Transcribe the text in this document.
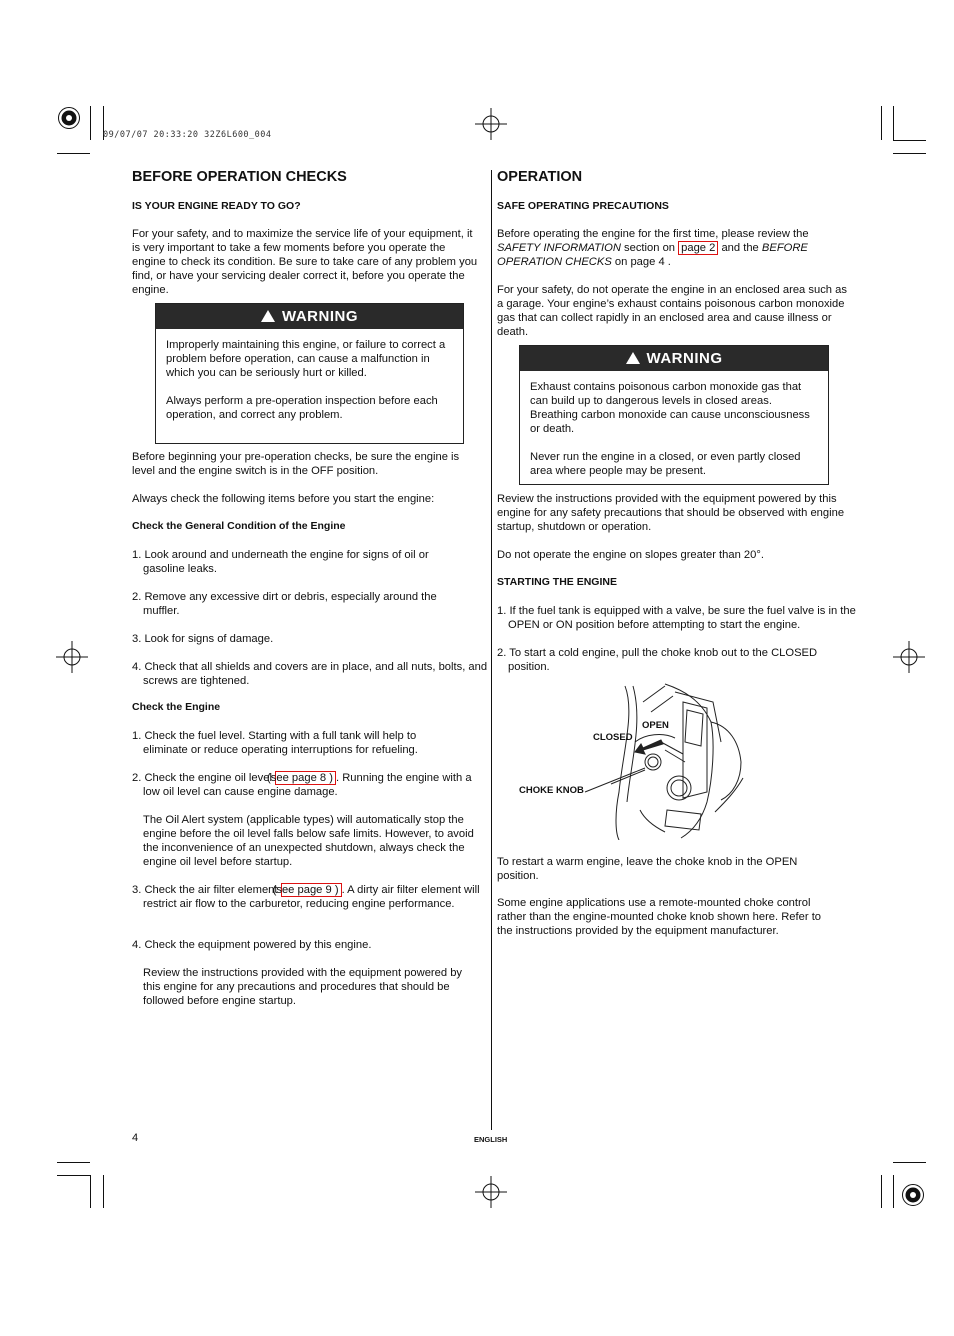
09/07/07 20:33:20 32Z6L600_004
BEFORE OPERATION CHECKS
IS YOUR ENGINE READY TO GO?

For your safety, and to maximize the service life of your equipment, it is very important to take a few moments before you operate the engine to check its condition. Be sure to take care of any problem you find, or have your servicing dealer correct it, before you operate the engine.

WARNING

Improperly maintaining this engine, or failure to correct a problem before operation, can cause a malfunction in which you can be seriously hurt or killed.

Always perform a pre-operation inspection before each operation, and correct any problem.

Before beginning your pre-operation checks, be sure the engine is level and the engine switch is in the OFF position.

Always check the following items before you start the engine:

Check the General Condition of the Engine

1. Look around and underneath the engine for signs of oil or gasoline leaks.

2. Remove any excessive dirt or debris, especially around the muffler.

3. Look for signs of damage.

4. Check that all shields and covers are in place, and all nuts, bolts, and screws are tightened.

Check the Engine

1. Check the fuel level. Starting with a full tank will help to eliminate or reduce operating interruptions for refueling.

2. Check the engine oil level (see page 8 ) . Running the engine with a low oil level can cause engine damage.

The Oil Alert system (applicable types) will automatically stop the engine before the oil level falls below safe limits. However, to avoid the inconvenience of an unexpected shutdown, always check the engine oil level before startup.

3. Check the air filter element (see page 9 ) . A dirty air filter element will restrict air flow to the carburetor, reducing engine performance.

4. Check the equipment powered by this engine.

Review the instructions provided with the equipment powered by this engine for any precautions and procedures that should be followed before engine startup.

OPERATION
SAFE OPERATING PRECAUTIONS

Before operating the engine for the first time, please review the SAFETY INFORMATION section on page 2 and the BEFORE OPERATION CHECKS on page 4 .

For your safety, do not operate the engine in an enclosed area such as a garage. Your engine’s exhaust contains poisonous carbon monoxide gas that can collect rapidly in an enclosed area and cause illness or death.

WARNING

Exhaust contains poisonous carbon monoxide gas that can build up to dangerous levels in closed areas. Breathing carbon monoxide can cause unconsciousness or death.

Never run the engine in a closed, or even partly closed area where people may be present.

Review the instructions provided with the equipment powered by this engine for any safety precautions that should be observed with engine startup, shutdown or operation.

Do not operate the engine on slopes greater than 20°.

STARTING THE ENGINE

1. If the fuel tank is equipped with a valve, be sure the fuel valve is in the OPEN or ON position before attempting to start the engine.

2. To start a cold engine, pull the choke knob out to the CLOSED position.

OPEN
CLOSED
CHOKE KNOB

To restart a warm engine, leave the choke knob in the OPEN position.

Some engine applications use a remote-mounted choke control rather than the engine-mounted choke knob shown here. Refer to the instructions provided by the equipment manufacturer.

4	ENGLISH
